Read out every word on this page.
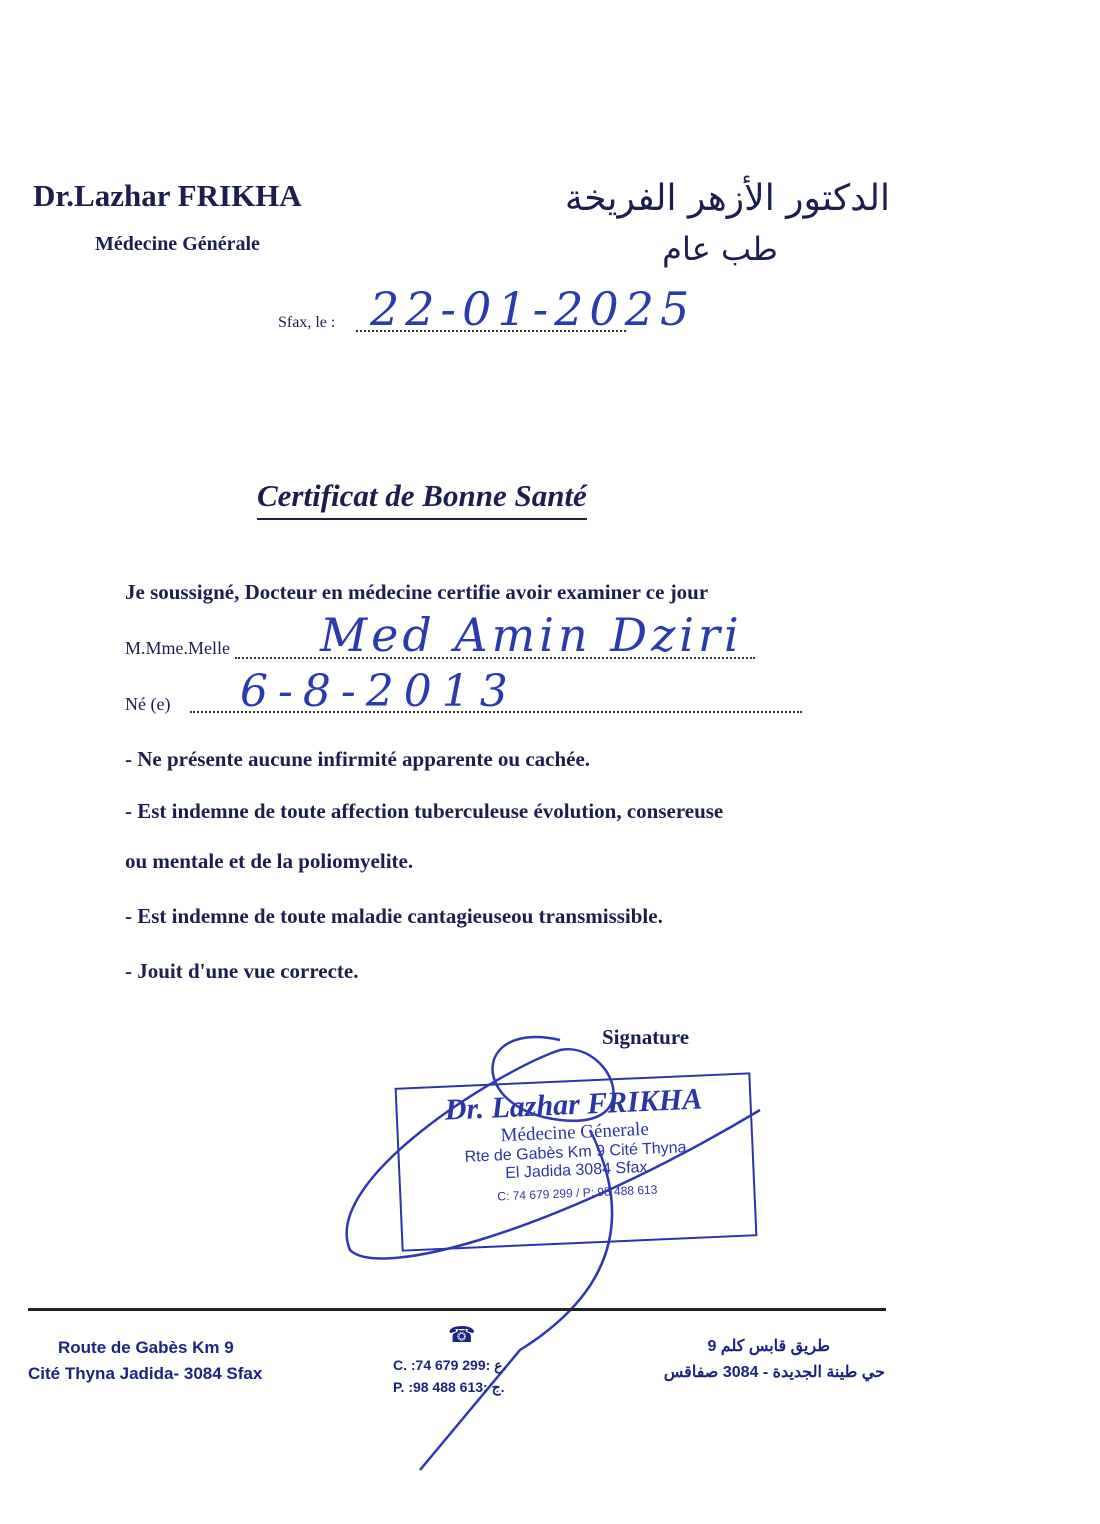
Dr.Lazhar FRIKHA
Médecine Générale
الدكتور الأزهر الفريخة
طب عام
Sfax, le : 22-01-2025
Certificat de Bonne Santé
Je soussigné, Docteur en médecine certifie avoir examiner ce jour
M.Mme.Melle Med Amin Dziri
Né (e) 6-8-2013
- Ne présente aucune infirmité apparente ou cachée.
- Est indemne de toute affection tuberculeuse évolution, consereuse
ou mentale et de la poliomyelite.
- Est indemne de toute maladie cantagieuseou transmissible.
- Jouit d'une vue correcte.
Signature
Dr. Lazhar FRIKHA
Médecine Génerale
Rte de Gabès Km 9 Cité Thyna
El Jadida 3084 Sfax
C: 74 679 299 / P: 98 488 613
Route de Gabès Km 9
Cité Thyna Jadida- 3084 Sfax
☎
C. :74 679 299: ع.
P. :98 488 613: ج.
طريق قابس كلم 9
حي طينة الجديدة - 3084 صفاقس
